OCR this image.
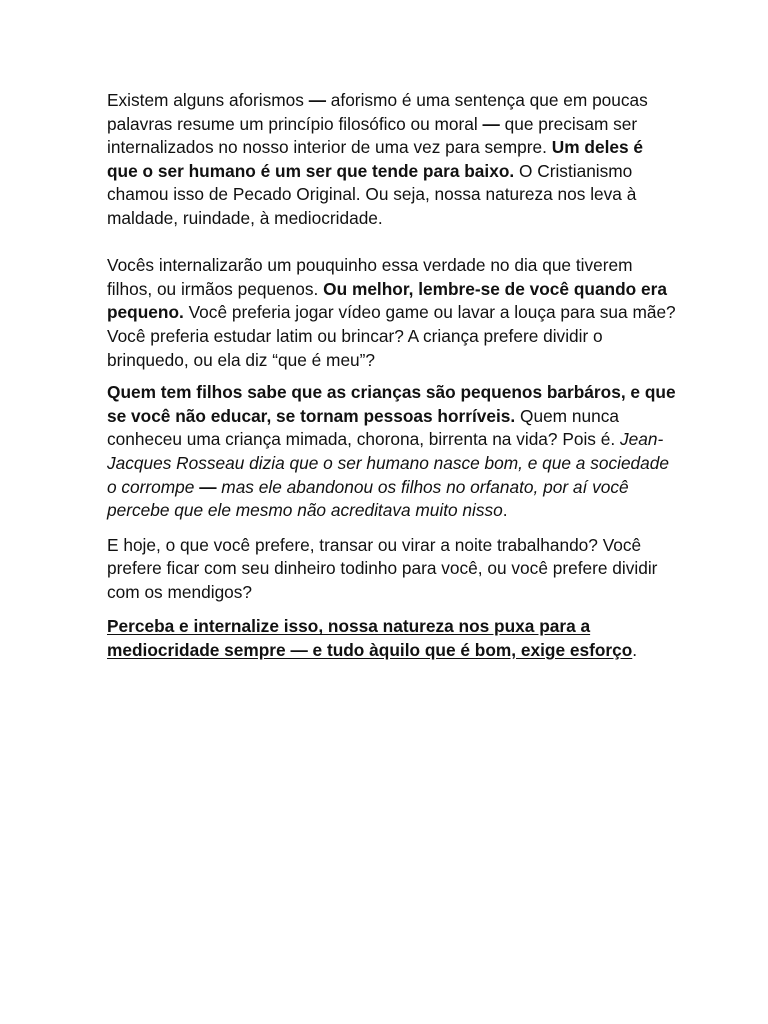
Existem alguns aforismos — aforismo é uma sentença que em poucas palavras resume um princípio filosófico ou moral — que precisam ser internalizados no nosso interior de uma vez para sempre. Um deles é que o ser humano é um ser que tende para baixo. O Cristianismo chamou isso de Pecado Original. Ou seja, nossa natureza nos leva à maldade, ruindade, à mediocridade.

Vocês internalizarão um pouquinho essa verdade no dia que tiverem filhos, ou irmãos pequenos. Ou melhor, lembre-se de você quando era pequeno. Você preferia jogar vídeo game ou lavar a louça para sua mãe? Você preferia estudar latim ou brincar? A criança prefere dividir o brinquedo, ou ela diz “que é meu”?

Quem tem filhos sabe que as crianças são pequenos barbáros, e que se você não educar, se tornam pessoas horríveis. Quem nunca conheceu uma criança mimada, chorona, birrenta na vida? Pois é. Jean-Jacques Rosseau dizia que o ser humano nasce bom, e que a sociedade o corrompe — mas ele abandonou os filhos no orfanato, por aí você percebe que ele mesmo não acreditava muito nisso.

E hoje, o que você prefere, transar ou virar a noite trabalhando? Você prefere ficar com seu dinheiro todinho para você, ou você prefere dividir com os mendigos?

Perceba e internalize isso, nossa natureza nos puxa para a mediocridade sempre — e tudo àquilo que é bom, exige esforço.
